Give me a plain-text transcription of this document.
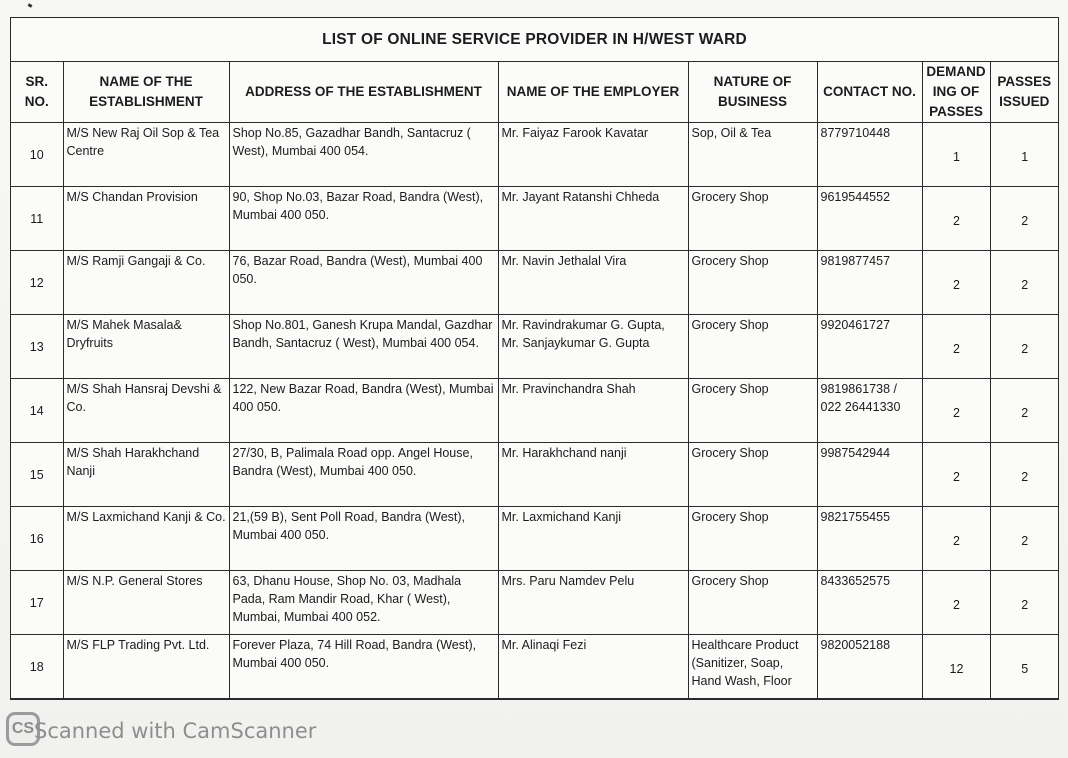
LIST OF ONLINE SERVICE PROVIDER IN H/WEST WARD
SR. NO.	NAME OF THE ESTABLISHMENT	ADDRESS OF THE ESTABLISHMENT	NAME OF THE EMPLOYER	NATURE OF BUSINESS	CONTACT NO.	DEMAND ING OF PASSES	PASSES ISSUED
10	M/S New Raj Oil Sop & Tea Centre	Shop No.85, Gazadhar Bandh, Santacruz ( West), Mumbai 400 054.	Mr. Faiyaz Farook Kavatar	Sop, Oil & Tea	8779710448	1	1
11	M/S Chandan Provision	90, Shop No.03, Bazar Road, Bandra (West), Mumbai 400 050.	Mr. Jayant Ratanshi Chheda	Grocery Shop	9619544552	2	2
12	M/S Ramji Gangaji & Co.	76, Bazar Road, Bandra (West), Mumbai 400 050.	Mr. Navin Jethalal Vira	Grocery Shop	9819877457	2	2
13	M/S Mahek Masala& Dryfruits	Shop No.801, Ganesh Krupa Mandal, Gazdhar Bandh, Santacruz ( West), Mumbai 400 054.	Mr. Ravindrakumar G. Gupta, Mr. Sanjaykumar G. Gupta	Grocery Shop	9920461727	2	2
14	M/S Shah Hansraj Devshi & Co.	122, New Bazar Road, Bandra (West), Mumbai 400 050.	Mr. Pravinchandra Shah	Grocery Shop	9819861738 / 022 26441330	2	2
15	M/S Shah Harakhchand Nanji	27/30, B, Palimala Road opp. Angel House, Bandra (West), Mumbai 400 050.	Mr. Harakhchand nanji	Grocery Shop	9987542944	2	2
16	M/S Laxmichand Kanji & Co.	21,(59 B), Sent Poll Road, Bandra (West), Mumbai 400 050.	Mr. Laxmichand Kanji	Grocery Shop	9821755455	2	2
17	M/S N.P. General Stores	63, Dhanu House, Shop No. 03, Madhala Pada, Ram Mandir Road, Khar ( West), Mumbai, Mumbai 400 052.	Mrs. Paru Namdev Pelu	Grocery Shop	8433652575	2	2
18	M/S FLP Trading Pvt. Ltd.	Forever Plaza, 74 Hill Road, Bandra (West), Mumbai 400 050.	Mr. Alinaqi Fezi	Healthcare Product (Sanitizer, Soap, Hand Wash, Floor	9820052188	12	5
CS Scanned with CamScanner
